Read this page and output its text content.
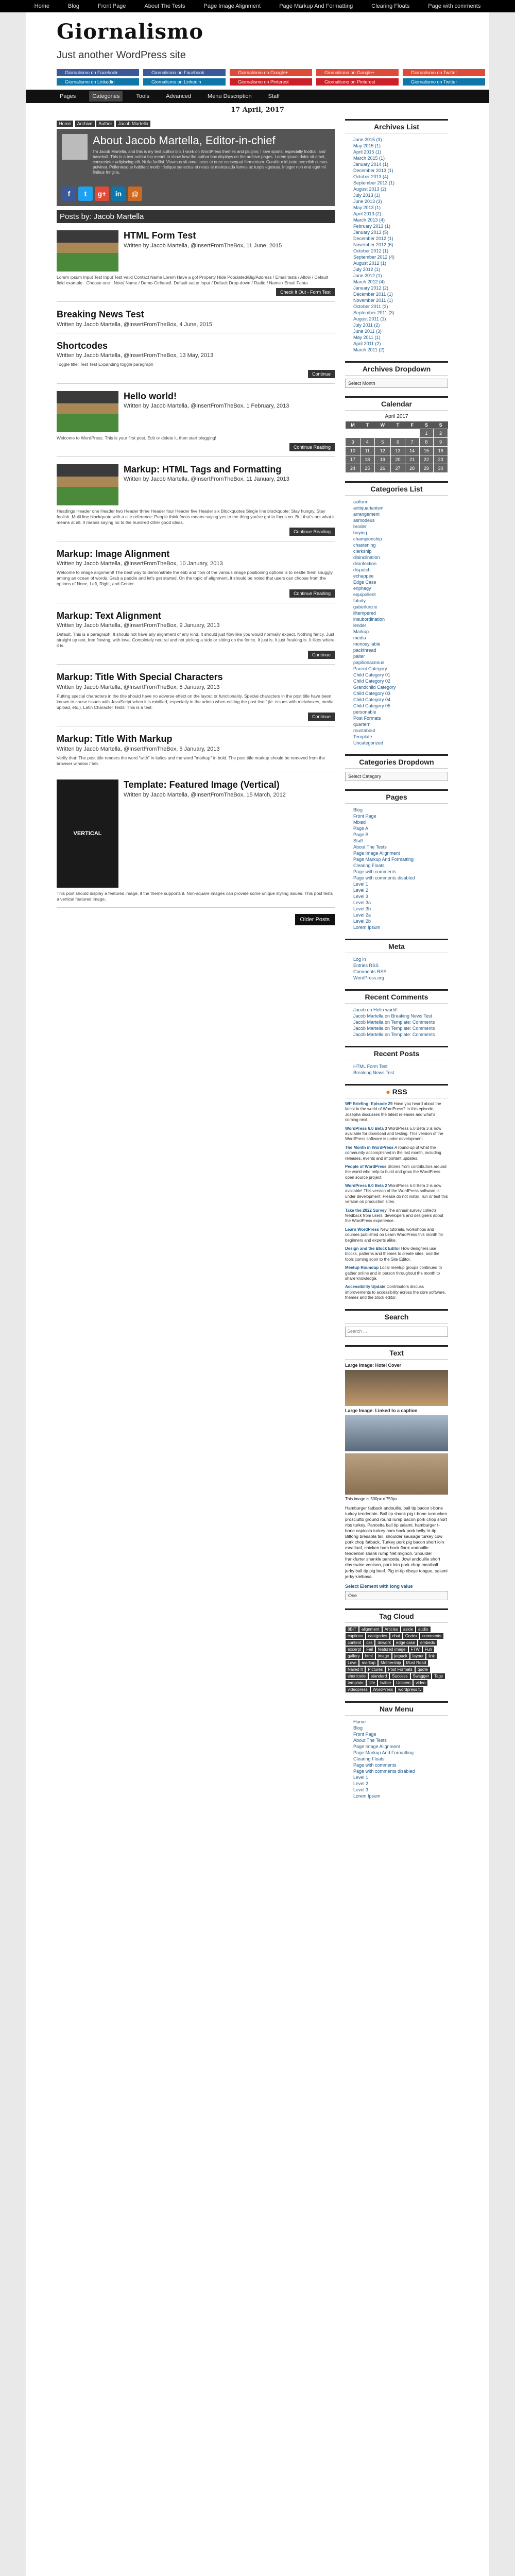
Home	Blog	Front Page	About The Tests	Page Image Alignment	Page Markup And Formatting	Clearing Floats	Page with comments
Giornalismo
Just another WordPress site
Giornalismo on Facebook	Giornalismo on Facebook	Giornalismo on Google+	Giornalismo on Google+	Giornalismo on Twitter
Giornalismo on Linkedin	Giornalismo on Linkedin	Giornalismo on Pinterest	Giornalismo on Pinterest	Giornalismo on Twitter
Pages	Categories	Tools	Advanced	Menu Description	Staff
17 April, 2017
Home Archive Author Jacob Martella
About Jacob Martella, Editor-in-chief

I'm Jacob Martella, and this is my test author bio. I work on WordPress themes and plugins; I love sports, especially football and baseball. This is a test author bio meant to show how the author box displays on the archive pages. Lorem ipsum dolor sit amet, consectetur adipiscing elit. Nulla facilisi. Vivamus sit amet lacus et nunc consequat fermentum. Curabitur id justo nec nibh cursus pulvinar. Pellentesque habitant morbi tristique senectus et netus et malesuada fames ac turpis egestas. Integer non erat eget mi finibus fringilla.

f	t	g+	in	@
Posts by: Jacob Martella
HTML Form Test
Written by Jacob Martella, @InsertFromTheBox, 11 June, 2015
Lorem ipsum Input Test Input Test Valid Contact Name Lorem Have a go! Property Hide Populated/Big/Address / Email tests / Allow / Default field example · Choose one · Noto/ Name / Demo-Ctrl/aux/l. Default value Input / Default Drop-down / Radio / Name / Email Fanta
Check It Out - Form Test
Breaking News Test
Written by Jacob Martella, @InsertFromTheBox, 4 June, 2015
Shortcodes
Written by Jacob Martella, @InsertFromTheBox, 13 May, 2013
Toggle title: Test Test Expanding toggle paragraph
Continue
Hello world!
Written by Jacob Martella, @InsertFromTheBox, 1 February, 2013
Welcome to WordPress. This is your first post. Edit or delete it, then start blogging!
Continue Reading
Markup: HTML Tags and Formatting
Written by Jacob Martella, @InsertFromTheBox, 11 January, 2013
Headings Header one Header two Header three Header four Header five Header six Blockquotes Single line blockquote: Stay hungry. Stay foolish. Multi line blockquote with a cite reference: People think focus means saying yes to the thing you've got to focus on. But that's not what it means at all. It means saying no to the hundred other good ideas.
Continue Reading
Markup: Image Alignment
Written by Jacob Martella, @InsertFromTheBox, 10 January, 2013
Welcome to image alignment! The best way to demonstrate the ebb and flow of the various image positioning options is to nestle them snuggly among an ocean of words. Grab a paddle and let's get started. On the topic of alignment, it should be noted that users can choose from the options of None, Left, Right, and Center.
Continue Reading
Markup: Text Alignment
Written by Jacob Martella, @InsertFromTheBox, 9 January, 2013
Default. This is a paragraph. It should not have any alignment of any kind. It should just flow like you would normally expect. Nothing fancy. Just straight up text, free flowing, with love. Completely neutral and not picking a side or sitting on the fence. It just is. It just freaking is. It likes where it is.
Continue
Markup: Title With Special Characters
Written by Jacob Martella, @InsertFromTheBox, 5 January, 2013
Putting special characters in the title should have no adverse effect on the layout or functionality. Special characters in the post title have been known to cause issues with JavaScript when it is minified, especially in the admin when editing the post itself (ie. issues with metaboxes, media upload, etc.). Latin Character Tests: This is a test.
Continue
Markup: Title With Markup
Written by Jacob Martella, @InsertFromTheBox, 5 January, 2013
Verify that: The post title renders the word "with" in italics and the word "markup" in bold. The post title markup should be removed from the browser window / tab.
VERTICAL
Template: Featured Image (Vertical)
Written by Jacob Martella, @InsertFromTheBox, 15 March, 2012
This post should display a featured image, if the theme supports it. Non-square images can provide some unique styling issues. This post tests a vertical featured image.
Older Posts
Archives List
June 2015 (3)
May 2015 (1)
April 2015 (1)
March 2015 (1)
January 2014 (1)
December 2013 (1)
October 2013 (4)
September 2013 (1)
August 2013 (2)
July 2013 (1)
June 2013 (3)
May 2013 (1)
April 2013 (2)
March 2013 (4)
February 2013 (1)
January 2013 (5)
December 2012 (1)
November 2012 (6)
October 2012 (1)
September 2012 (4)
August 2012 (1)
July 2012 (1)
June 2012 (1)
March 2012 (4)
January 2012 (2)
December 2011 (1)
November 2011 (1)
October 2011 (3)
September 2011 (3)
August 2011 (1)
July 2011 (2)
June 2011 (3)
May 2011 (1)
April 2011 (2)
March 2011 (2)
Archives Dropdown
Select Month
Calendar
April 2017
M	T	W	T	F	S	S
					1	2
3	4	5	6	7	8	9
10	11	12	13	14	15	16
17	18	19	20	21	22	23
24	25	26	27	28	29	30
Categories List
aciform
antiquarianism
arrangement
asmodeus
broder
buying
championship
chastening
clerkship
disinclination
disinfection
dispatch
echappee
Edge Case
enphagy
equipollent
fatuity
gaberlunzie
illtempered
insubordination
lender
Markup
media
monosyllable
packthread
palter
papilionaceous
Parent Category
Child Category 01
Child Category 02
Grandchild Category
Child Category 03
Child Category 04
Child Category 05
personable
Post Formats
quartern
roustabout
Template
Uncategorized
Categories Dropdown
Select Category
Pages
Blog
Front Page
Mixed
Page A
Page B
Staff
About The Tests
Page Image Alignment
Page Markup And Formatting
Clearing Floats
Page with comments
Page with comments disabled
Level 1
Level 2
Level 3
Level 3a
Level 3b
Level 2a
Level 2b
Lorem Ipsum
Meta
Log in
Entries RSS
Comments RSS
WordPress.org
Recent Comments
Jacob on Hello world!
Jacob Martella on Breaking News Test
Jacob Martella on Template: Comments
Jacob Martella on Template: Comments
Jacob Martella on Template: Comments
Recent Posts
HTML Form Test
Breaking News Test
● RSS
WP Briefing: Episode 29 Have you heard about the latest in the world of WordPress? In this episode, Josepha discusses the latest releases and what's coming next.
WordPress 6.0 Beta 3 WordPress 6.0 Beta 3 is now available for download and testing. This version of the WordPress software is under development.
The Month in WordPress A round-up of what the community accomplished in the last month, including releases, events and important updates.
People of WordPress Stories from contributors around the world who help to build and grow the WordPress open source project.
WordPress 6.0 Beta 2 WordPress 6.0 Beta 2 is now available! This version of the WordPress software is under development. Please do not install, run or test this version on production sites.
Take the 2022 Survey The annual survey collects feedback from users, developers and designers about the WordPress experience.
Learn WordPress New tutorials, workshops and courses published on Learn WordPress this month for beginners and experts alike.
Design and the Block Editor How designers use blocks, patterns and themes to create sites, and the tools coming soon to the Site Editor.
Meetup Roundup Local meetup groups continued to gather online and in person throughout the month to share knowledge.
Accessibility Update Contributors discuss improvements to accessibility across the core software, themes and the block editor.
Search
Search ...
Text
Large Image: Hotel Cover
Large Image: Linked to a caption
This image is 500px x 750px

Hamburger fatback andouille, ball tip bacon t-bone turkey tenderloin. Ball tip shank pig t-bone turducken prosciutto ground round rump bacon pork chop short ribs turkey. Pancetta ball tip salami, hamburger t-bone capicola turkey ham hock pork belly tri-tip. Biltong bresaola tail, shoulder sausage turkey cow pork chop fatback. Turkey pork pig bacon short loin meatloaf, chicken ham hock flank andouille tenderloin shank rump filet mignon. Shoulder frankfurter shankle pancetta. Jowl andouille short ribs swine venison, pork loin pork chop meatball jerky ball tip pig beef. Pig tri-tip ribeye tongue, salami jerky kielbasa.

Select Element with long value
One
Tag Cloud
8BIT alignment Articles aside audiocaptions categories chat Codex commentscontent css dowork edge case embedsexcerpt Fail featured image FTW Fungallery html image jetpack layout linkLove markup Mothership Must ReadNailed It Pictures Post Formats quoteshortcode standard Success Swagger Tagstemplate title twitter Unseen videovideopress WordPress wordpress.tv
Nav Menu
Home
Blog
Front Page
About The Tests
Page Image Alignment
Page Markup And Formatting
Clearing Floats
Page with comments
Page with comments disabled
Level 1
Level 2
Level 3
Lorem Ipsum
